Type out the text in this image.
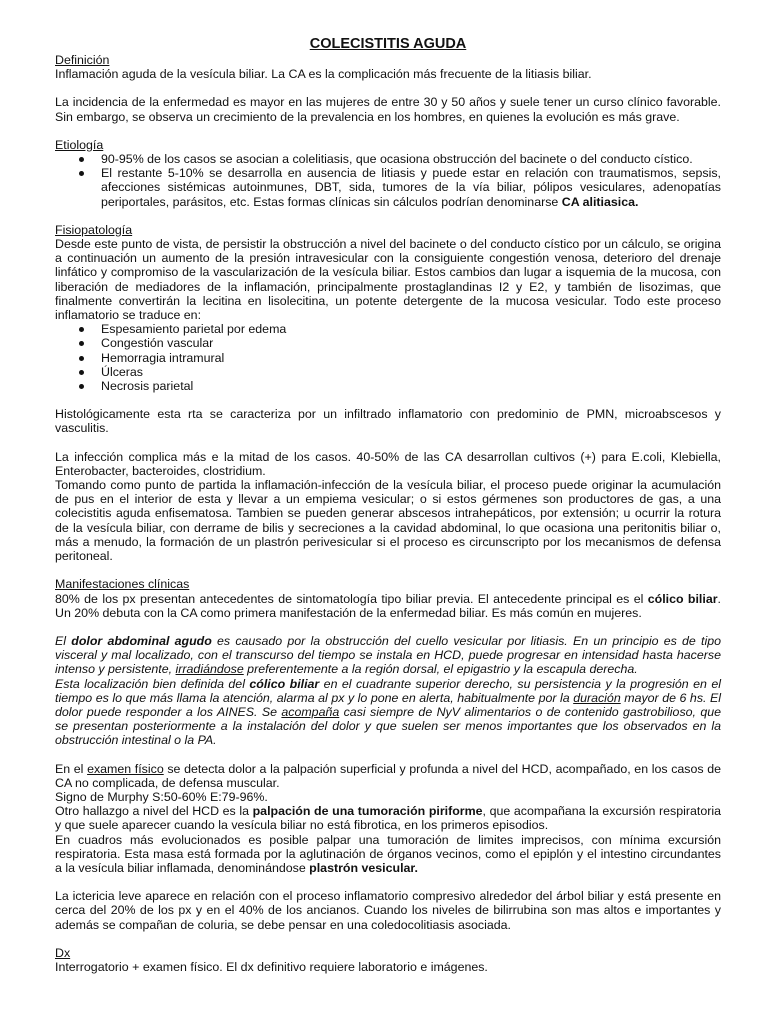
COLECISTITIS AGUDA
Definición

Inflamación aguda de la vesícula biliar. La CA es la complicación más frecuente de la litiasis biliar.

La incidencia de la enfermedad es mayor en las mujeres de entre 30 y 50 años y suele tener un curso clínico favorable. Sin embargo, se observa un crecimiento de la prevalencia en los hombres, en quienes la evolución es más grave.

Etiología
90-95% de los casos se asocian a colelitiasis, que ocasiona obstrucción del bacinete o del conducto cístico.
El restante 5-10% se desarrolla en ausencia de litiasis y puede estar en relación con traumatismos, sepsis, afecciones sistémicas autoinmunes, DBT, sida, tumores de la vía biliar, pólipos vesiculares, adenopatías periportales, parásitos, etc. Estas formas clínicas sin cálculos podrían denominarse CA alitiasica.
Fisiopatología

Desde este punto de vista, de persistir la obstrucción a nivel del bacinete o del conducto cístico por un cálculo, se origina a continuación un aumento de la presión intravesicular con la consiguiente congestión venosa, deterioro del drenaje linfático y compromiso de la vascularización de la vesícula biliar. Estos cambios dan lugar a isquemia de la mucosa, con liberación de mediadores de la inflamación, principalmente prostaglandinas I2 y E2, y también de lisozimas, que finalmente convertirán la lecitina en lisolecitina, un potente detergente de la mucosa vesicular. Todo este proceso inflamatorio se traduce en:

Espesamiento parietal por edema
Congestión vascular
Hemorragia intramural
Úlceras
Necrosis parietal

Histológicamente esta rta se caracteriza por un infiltrado inflamatorio con predominio de PMN, microabscesos y vasculitis.

La infección complica más e la mitad de los casos. 40-50% de las CA desarrollan cultivos (+) para E.coli, Klebiella, Enterobacter, bacteroides, clostridium.

Tomando como punto de partida la inflamación-infección de la vesícula biliar, el proceso puede originar la acumulación de pus en el interior de esta y llevar a un empiema vesicular; o si estos gérmenes son productores de gas, a una colecistitis aguda enfisematosa. Tambien se pueden generar abscesos intrahepáticos, por extensión; u ocurrir la rotura de la vesícula biliar, con derrame de bilis y secreciones a la cavidad abdominal, lo que ocasiona una peritonitis biliar o, más a menudo, la formación de un plastrón perivesicular si el proceso es circunscripto por los mecanismos de defensa peritoneal.

Manifestaciones clínicas

80% de los px presentan antecedentes de sintomatología tipo biliar previa. El antecedente principal es el cólico biliar. Un 20% debuta con la CA como primera manifestación de la enfermedad biliar. Es más común en mujeres.

El dolor abdominal agudo es causado por la obstrucción del cuello vesicular por litiasis. En un principio es de tipo visceral y mal localizado, con el transcurso del tiempo se instala en HCD, puede progresar en intensidad hasta hacerse intenso y persistente, irradiándose preferentemente a la región dorsal, el epigastrio y la escapula derecha.

Esta localización bien definida del cólico biliar en el cuadrante superior derecho, su persistencia y la progresión en el tiempo es lo que más llama la atención, alarma al px y lo pone en alerta, habitualmente por la duración mayor de 6 hs. El dolor puede responder a los AINES. Se acompaña casi siempre de NyV alimentarios o de contenido gastrobilioso, que se presentan posteriormente a la instalación del dolor y que suelen ser menos importantes que los observados en la obstrucción intestinal o la PA.

En el examen físico se detecta dolor a la palpación superficial y profunda a nivel del HCD, acompañado, en los casos de CA no complicada, de defensa muscular.

Signo de Murphy S:50-60% E:79-96%.

Otro hallazgo a nivel del HCD es la palpación de una tumoración piriforme, que acompañana la excursión respiratoria y que suele aparecer cuando la vesícula biliar no está fibrotica, en los primeros episodios.

En cuadros más evolucionados es posible palpar una tumoración de limites imprecisos, con mínima excursión respiratoria. Esta masa está formada por la aglutinación de órganos vecinos, como el epiplón y el intestino circundantes a la vesícula biliar inflamada, denominándose plastrón vesicular.

La ictericia leve aparece en relación con el proceso inflamatorio compresivo alrededor del árbol biliar y está presente en cerca del 20% de los px y en el 40% de los ancianos. Cuando los niveles de bilirrubina son mas altos e importantes y además se compañan de coluria, se debe pensar en una coledocolitiasis asociada.

Dx

Interrogatorio + examen físico. El dx definitivo requiere laboratorio e imágenes.
